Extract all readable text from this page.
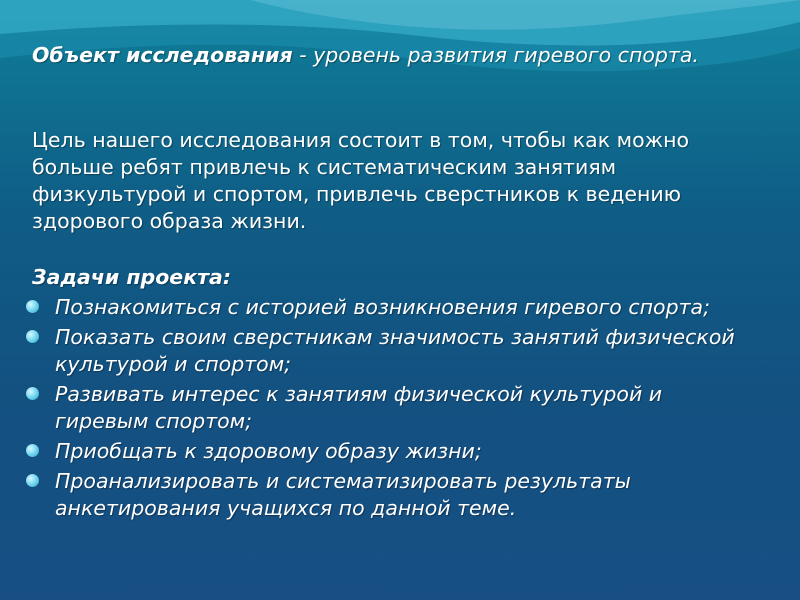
Объект исследования - уровень развития гиревого спорта.
Цель нашего исследования состоит в том, чтобы как можно больше ребят привлечь к систематическим занятиям физкультурой и спортом, привлечь сверстников к ведению здорового образа жизни.
Задачи проекта:
Познакомиться с историей возникновения гиревого спорта;
Показать своим сверстникам значимость занятий физической культурой и спортом;
Развивать интерес к занятиям физической культурой и гиревым спортом;
Приобщать к здоровому образу жизни;
Проанализировать и систематизировать результаты анкетирования учащихся по данной теме.
